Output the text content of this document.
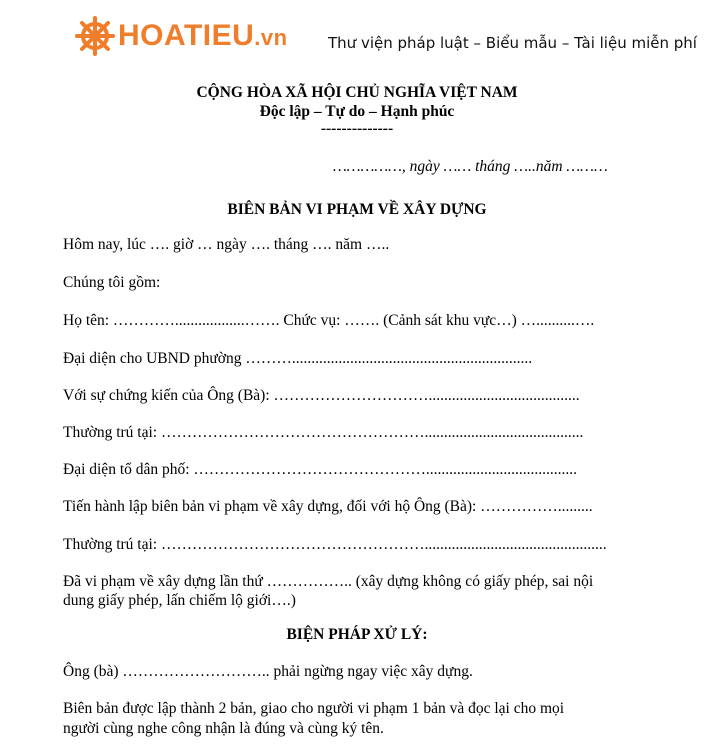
HOATIEU.vn	Thư viện pháp luật – Biểu mẫu – Tài liệu miễn phí
CỘNG HÒA XÃ HỘI CHỦ NGHĨA VIỆT NAM
Độc lập – Tự do – Hạnh phúc
--------------
……………, ngày …… tháng …..năm ………
BIÊN BẢN VI PHẠM VỀ XÂY DỰNG
Hôm nay, lúc …. giờ … ngày …. tháng …. năm …..
Chúng tôi gồm:
Họ tên: …………..................……. Chức vụ: ……. (Cảnh sát khu vực…) …..........….
Đại diện cho UBND phường ………..............................................................
Với sự chứng kiến của Ông (Bà): ………………………….......................................
Thường trú tại: …………………………………………….........................................
Đại diện tổ dân phố: ……………………………………….......................................
Tiến hành lập biên bản vi phạm về xây dựng, đối với hộ Ông (Bà): …………….........
Thường trú tại: ……………………………………………...............................................
Đã vi phạm về xây dựng lần thứ …………….. (xây dựng không có giấy phép, sai nội
dung giấy phép, lấn chiếm lộ giới….)
BIỆN PHÁP XỬ LÝ:
Ông (bà) ……………………….. phải ngừng ngay việc xây dựng.
Biên bản được lập thành 2 bản, giao cho người vi phạm 1 bản và đọc lại cho mọi
người cùng nghe công nhận là đúng và cùng ký tên.
